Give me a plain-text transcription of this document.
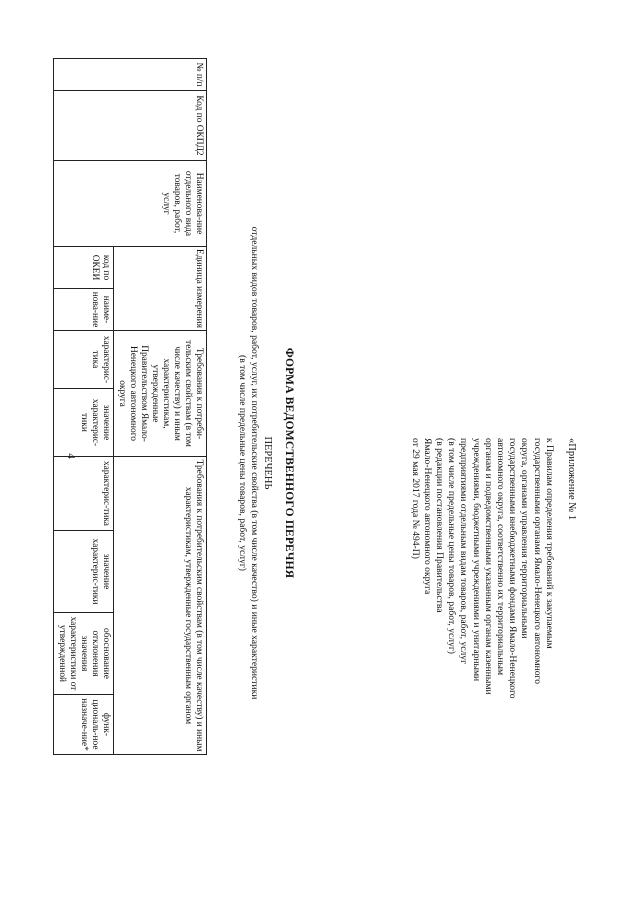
4	«Приложение № 1
к Правилам определения требований к закупаемым
государственными органами Ямало-Ненецкого автономного
округа, органами управления территориальными
государственными внебюджетными фондами Ямало-Ненецкого
автономного округа, соответственно их территориальным
органам и подведомственными указанным органам казенными
учреждениями, бюджетными учреждениями и унитарными
предприятиями отдельным видам товаров, работ, услуг
(в том числе предельные цены товаров, работ, услуг)
(в редакции постановления Правительства
Ямало-Ненецкого автономного округа
от 29 мая 2017 года № 494-П)
ФОРМА ВЕДОМСТВЕННОГО ПЕРЕЧНЯ
ПЕРЕЧЕНЬ
отдельных видов товаров, работ, услуг, их потребительские свойства (в том числе качество) и иные характеристики
(в том числе предельные цены товаров, работ, услуг)
№ п/п	Код по ОКПД2	Наименова-ние отдельного вида товаров, работ, услуг	Единица измерения		Требования к потреби-тельским свойствам (в том числе качеству) и иным характеристикам, утвержденные Правительством Ямало-Ненецкого автономного округа		Требования к потребительским свойствам (в том числе качеству) и иным характеристикам, утвержденные государственным органом			
			код по ОКЕИ	наиме-нова-ние	характерис-тика	значение характерис-тики	характерис-тика	значение характерис-тики	обоснование отклонения значения характеристики от утвержденной	функ-циональ-ное назначе-ние*
